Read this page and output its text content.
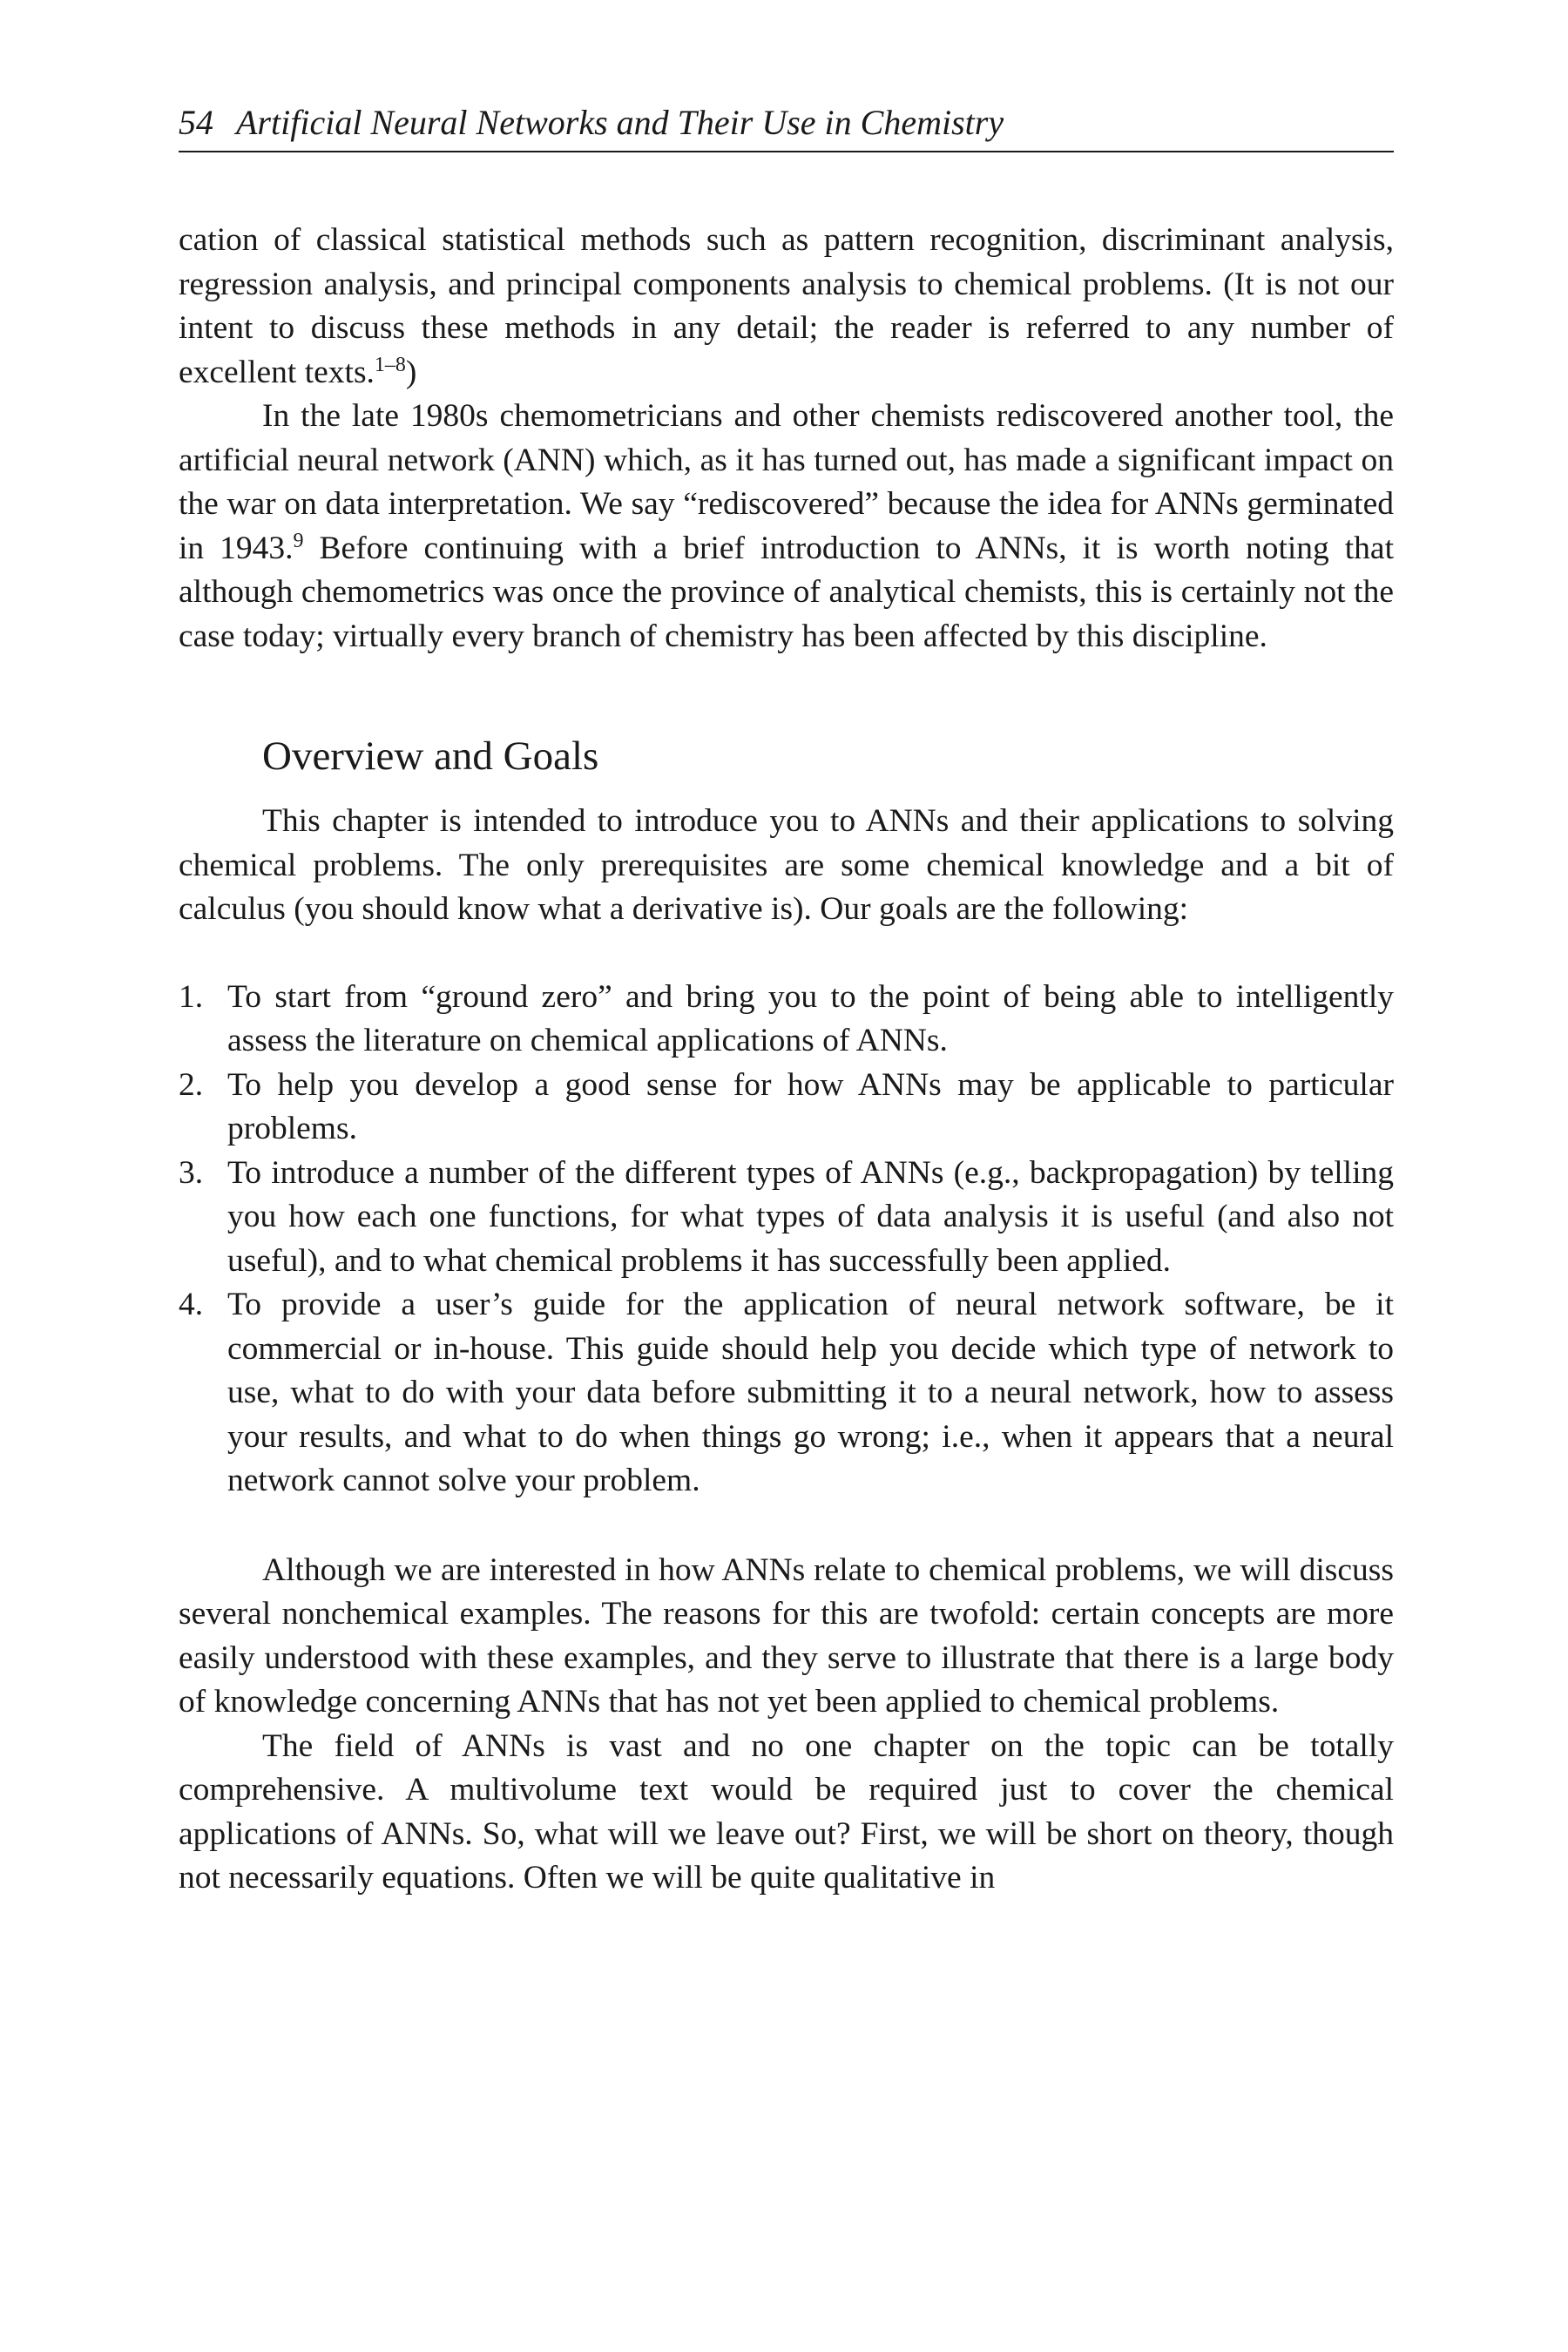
54 Artificial Neural Networks and Their Use in Chemistry

cation of classical statistical methods such as pattern recognition, discriminant analysis, regression analysis, and principal components analysis to chemical problems. (It is not our intent to discuss these methods in any detail; the reader is referred to any number of excellent texts.$^{1-8}$)

In the late 1980s chemometricians and other chemists rediscovered another tool, the artificial neural network (ANN) which, as it has turned out, has made a significant impact on the war on data interpretation. We say “rediscovered” because the idea for ANNs germinated in 1943.$^9$ Before continuing with a brief introduction to ANNs, it is worth noting that although chemometrics was once the province of analytical chemists, this is certainly not the case today; virtually every branch of chemistry has been affected by this discipline.

Overview and Goals

This chapter is intended to introduce you to ANNs and their applications to solving chemical problems. The only prerequisites are some chemical knowledge and a bit of calculus (you should know what a derivative is). Our goals are the following:

1. To start from “ground zero” and bring you to the point of being able to intelligently assess the literature on chemical applications of ANNs.
2. To help you develop a good sense for how ANNs may be applicable to particular problems.
3. To introduce a number of the different types of ANNs (e.g., backpropagation) by telling you how each one functions, for what types of data analysis it is useful (and also not useful), and to what chemical problems it has successfully been applied.
4. To provide a user’s guide for the application of neural network software, be it commercial or in-house. This guide should help you decide which type of network to use, what to do with your data before submitting it to a neural network, how to assess your results, and what to do when things go wrong; i.e., when it appears that a neural network cannot solve your problem.

Although we are interested in how ANNs relate to chemical problems, we will discuss several nonchemical examples. The reasons for this are twofold: certain concepts are more easily understood with these examples, and they serve to illustrate that there is a large body of knowledge concerning ANNs that has not yet been applied to chemical problems.

The field of ANNs is vast and no one chapter on the topic can be totally comprehensive. A multivolume text would be required just to cover the chemical applications of ANNs. So, what will we leave out? First, we will be short on theory, though not necessarily equations. Often we will be quite qualitative in
